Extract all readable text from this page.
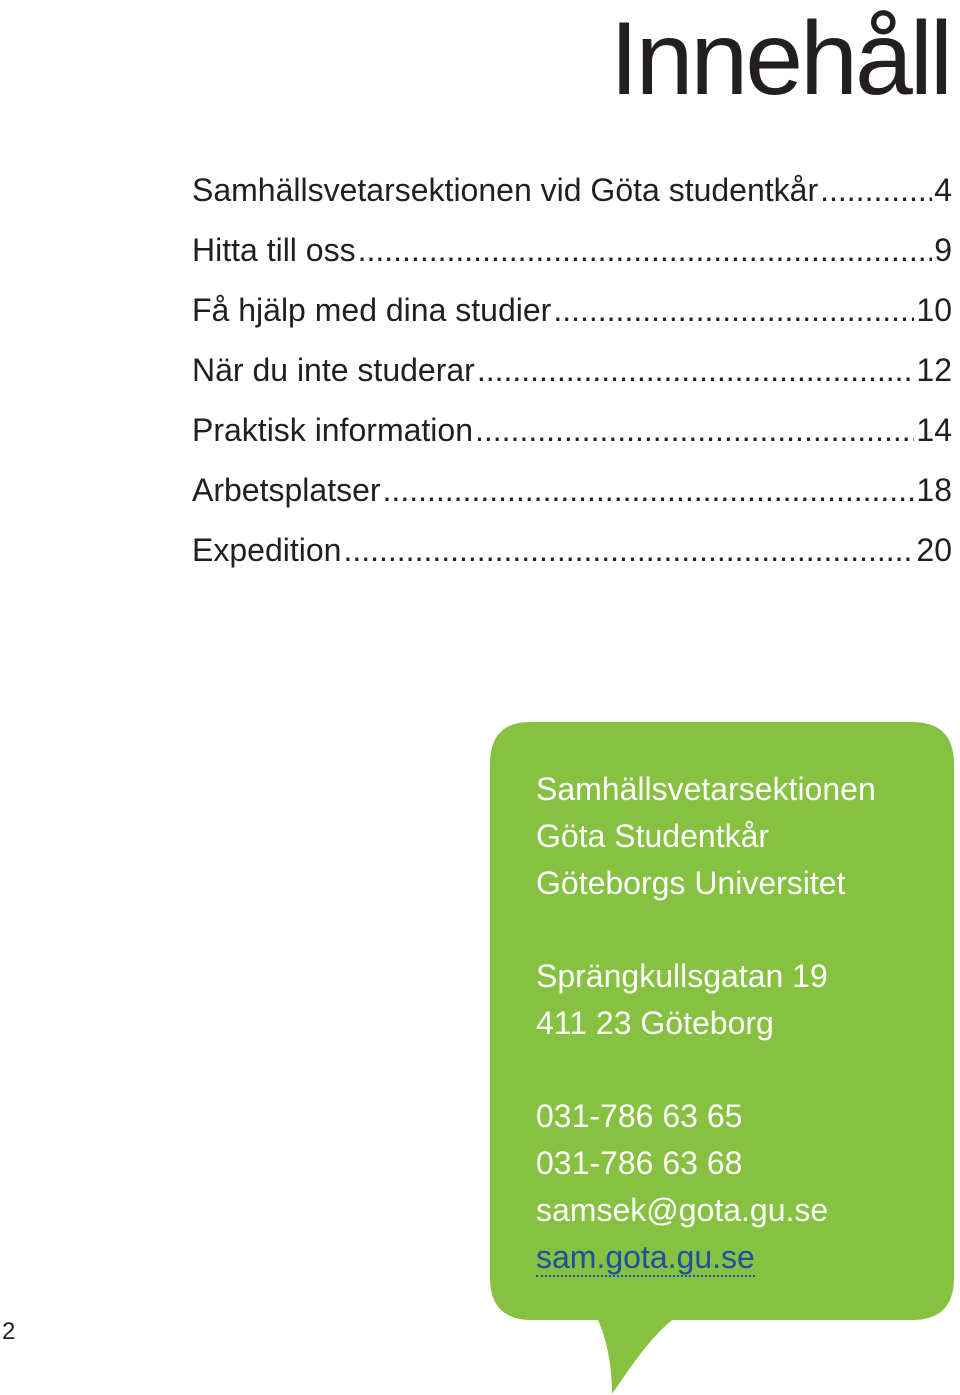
Innehåll
Samhällsvetarsektionen vid Göta studentkår .....	4
Hitta till oss .....	9
Få hjälp med dina studier .....	10
När du inte studerar .....	12
Praktisk information .....	14
Arbetsplatser .....	18
Expedition .....	20
Samhällsvetarsektionen
Göta Studentkår
Göteborgs Universitet
Sprängkullsgatan 19
411 23 Göteborg
031-786 63 65
031-786 63 68
samsek@gota.gu.se
sam.gota.gu.se
2
